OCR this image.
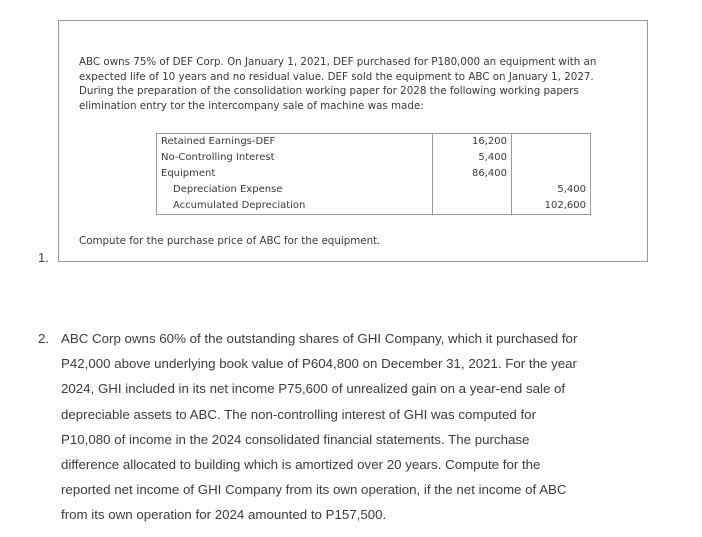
1.
ABC owns 75% of DEF Corp. On January 1, 2021, DEF purchased for P180,000 an equipment with an
expected life of 10 years and no residual value. DEF sold the equipment to ABC on January 1, 2027.
During the preparation of the consolidation working paper for 2028 the following working papers
elimination entry tor the intercompany sale of machine was made:
Retained Earnings-DEF	16,200	
No-Controlling Interest	5,400	
Equipment	86,400	
Depreciation Expense		5,400
Accumulated Depreciation		102,600
Compute for the purchase price of ABC for the equipment.
2. ABC Corp owns 60% of the outstanding shares of GHI Company, which it purchased for
P42,000 above underlying book value of P604,800 on December 31, 2021. For the year
2024, GHI included in its net income P75,600 of unrealized gain on a year-end sale of
depreciable assets to ABC. The non-controlling interest of GHI was computed for
P10,080 of income in the 2024 consolidated financial statements. The purchase
difference allocated to building which is amortized over 20 years. Compute for the
reported net income of GHI Company from its own operation, if the net income of ABC
from its own operation for 2024 amounted to P157,500.
